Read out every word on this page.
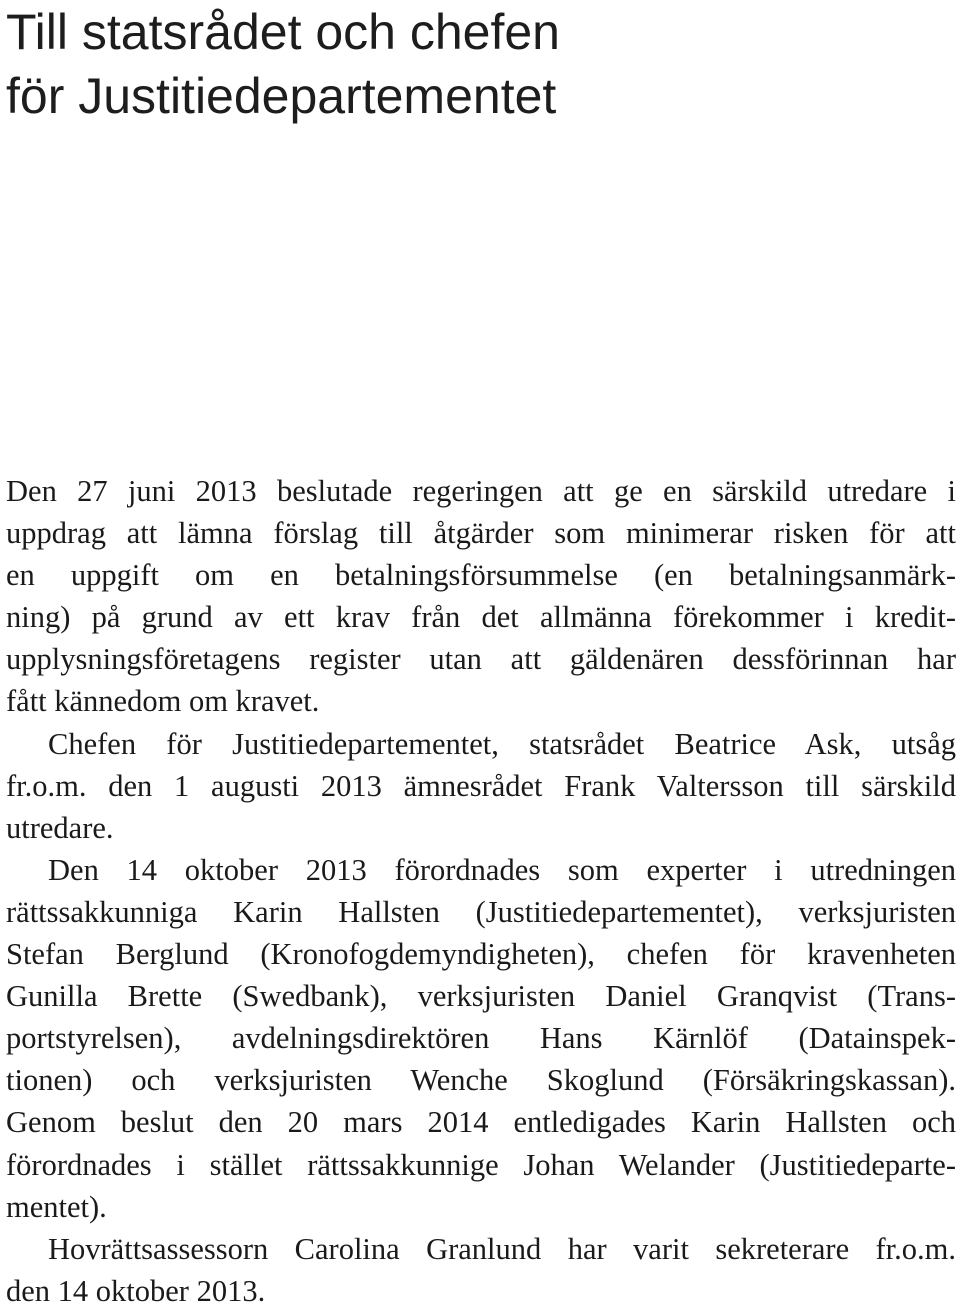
Till statsrådet och chefen
för Justitiedepartementet

Den 27 juni 2013 beslutade regeringen att ge en särskild utredare i
uppdrag att lämna förslag till åtgärder som minimerar risken för att
en uppgift om en betalningsförsummelse (en betalningsanmärk-
ning) på grund av ett krav från det allmänna förekommer i kredit-
upplysningsföretagens register utan att gäldenären dessförinnan har
fått kännedom om kravet.

Chefen för Justitiedepartementet, statsrådet Beatrice Ask, utsåg
fr.o.m. den 1 augusti 2013 ämnesrådet Frank Valtersson till särskild
utredare.

Den 14 oktober 2013 förordnades som experter i utredningen
rättssakkunniga Karin Hallsten (Justitiedepartementet), verksjuristen
Stefan Berglund (Kronofogdemyndigheten), chefen för kravenheten
Gunilla Brette (Swedbank), verksjuristen Daniel Granqvist (Trans-
portstyrelsen), avdelningsdirektören Hans Kärnlöf (Datainspek-
tionen) och verksjuristen Wenche Skoglund (Försäkringskassan).
Genom beslut den 20 mars 2014 entledigades Karin Hallsten och
förordnades i stället rättssakkunnige Johan Welander (Justitiedeparte-
mentet).

Hovrättsassessorn Carolina Granlund har varit sekreterare fr.o.m.
den 14 oktober 2013.
